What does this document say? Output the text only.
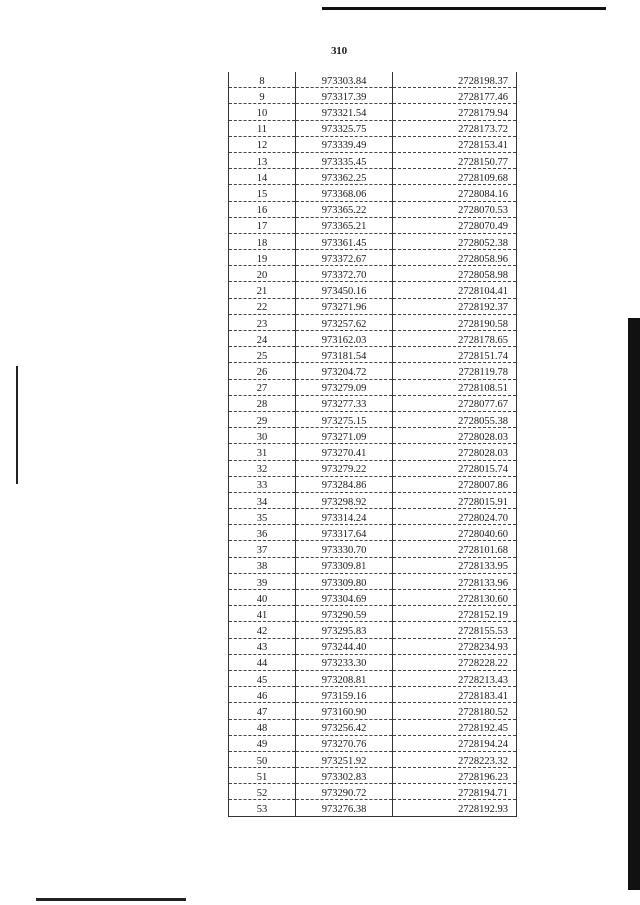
310
8	973303.84	2728198.37
9	973317.39	2728177.46
10	973321.54	2728179.94
11	973325.75	2728173.72
12	973339.49	2728153.41
13	973335.45	2728150.77
14	973362.25	2728109.68
15	973368.06	2728084.16
16	973365.22	2728070.53
17	973365.21	2728070.49
18	973361.45	2728052.38
19	973372.67	2728058.96
20	973372.70	2728058.98
21	973450.16	2728104.41
22	973271.96	2728192.37
23	973257.62	2728190.58
24	973162.03	2728178.65
25	973181.54	2728151.74
26	973204.72	2728119.78
27	973279.09	2728108.51
28	973277.33	2728077.67
29	973275.15	2728055.38
30	973271.09	2728028.03
31	973270.41	2728028.03
32	973279.22	2728015.74
33	973284.86	2728007.86
34	973298.92	2728015.91
35	973314.24	2728024.70
36	973317.64	2728040.60
37	973330.70	2728101.68
38	973309.81	2728133.95
39	973309.80	2728133.96
40	973304.69	2728130.60
41	973290.59	2728152.19
42	973295.83	2728155.53
43	973244.40	2728234.93
44	973233.30	2728228.22
45	973208.81	2728213.43
46	973159.16	2728183.41
47	973160.90	2728180.52
48	973256.42	2728192.45
49	973270.76	2728194.24
50	973251.92	2728223.32
51	973302.83	2728196.23
52	973290.72	2728194.71
53	973276.38	2728192.93
